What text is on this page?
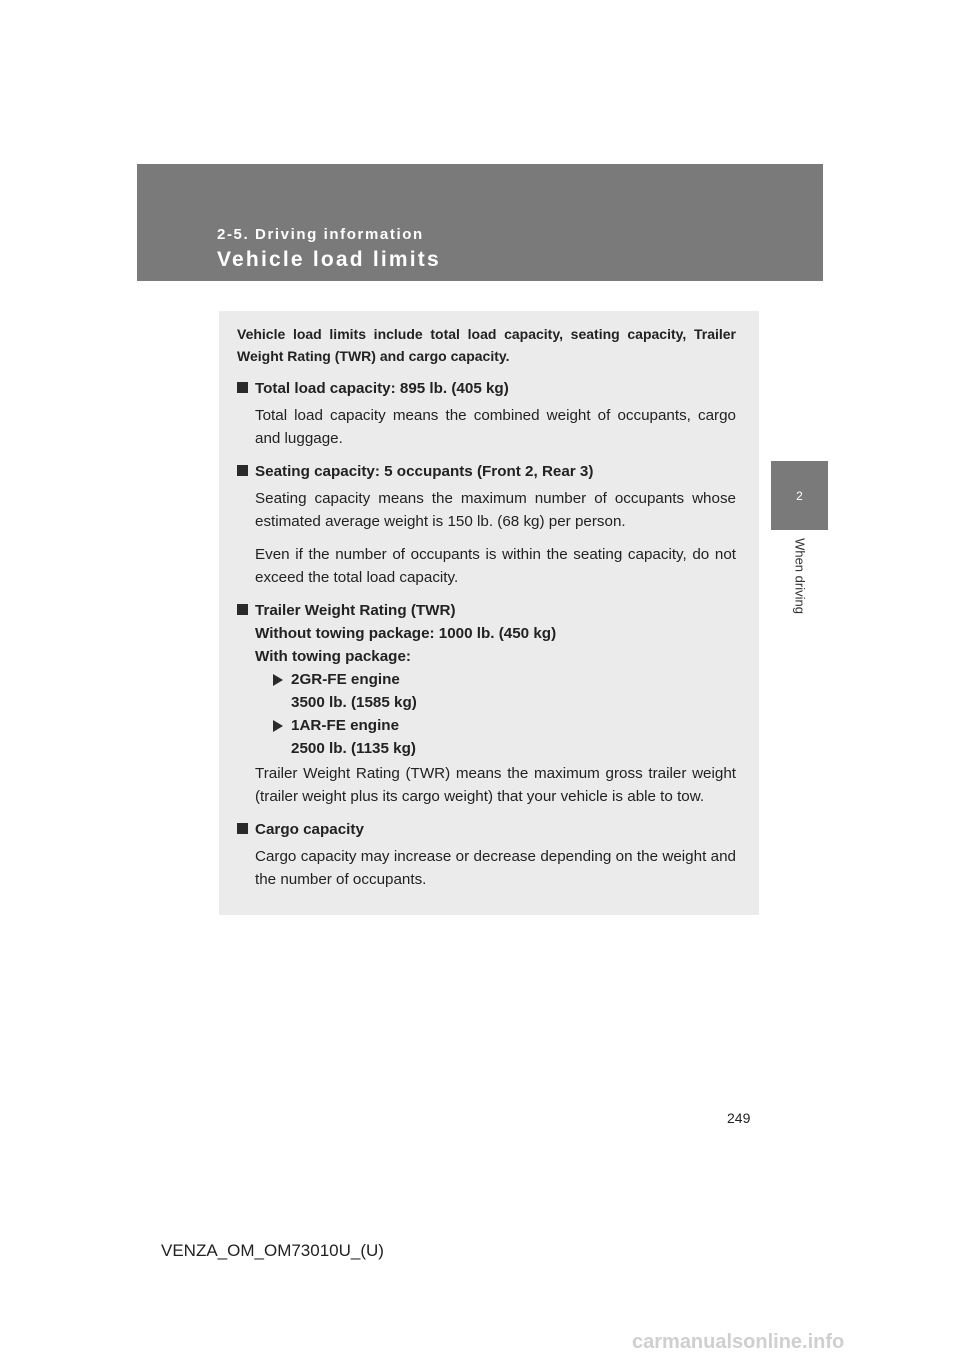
2-5. Driving information
Vehicle load limits
2
When driving

Vehicle load limits include total load capacity, seating capacity, Trailer Weight Rating (TWR) and cargo capacity.

Total load capacity: 895 lb. (405 kg)

Total load capacity means the combined weight of occupants, cargo and luggage.

Seating capacity: 5 occupants (Front 2, Rear 3)

Seating capacity means the maximum number of occupants whose estimated average weight is 150 lb. (68 kg) per person.

Even if the number of occupants is within the seating capacity, do not exceed the total load capacity.

Trailer Weight Rating (TWR)

Without towing package: 1000 lb. (450 kg)

With towing package:

2GR-FE engine

3500 lb. (1585 kg)

1AR-FE engine

2500 lb. (1135 kg)

Trailer Weight Rating (TWR) means the maximum gross trailer weight (trailer weight plus its cargo weight) that your vehicle is able to tow.

Cargo capacity

Cargo capacity may increase or decrease depending on the weight and the number of occupants.

249
VENZA_OM_OM73010U_(U)
carmanualsonline.info
